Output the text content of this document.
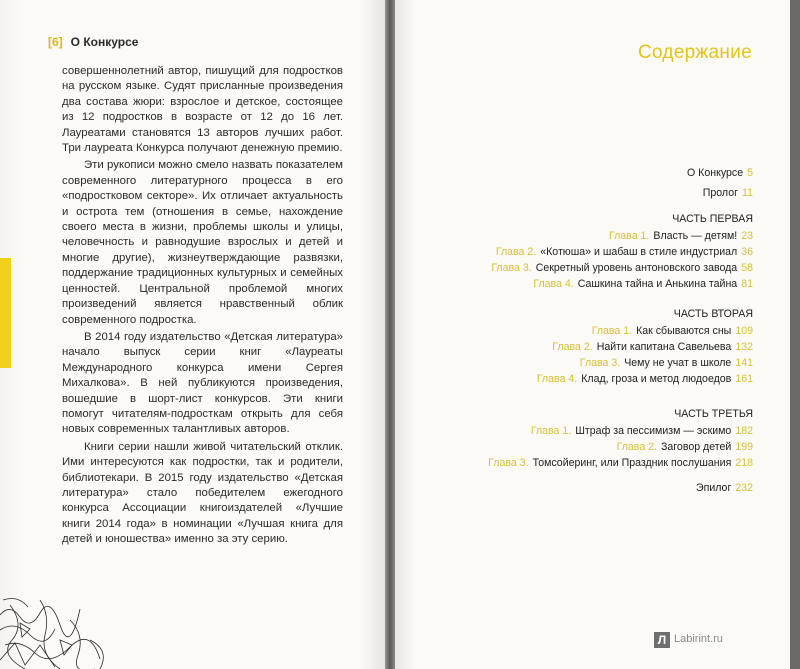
[6] О Конкурсе

совершеннолетний автор, пишущий для подростков на русском языке. Судят присланные произведения два состава жюри: взрослое и детское, состоящее из 12 подростков в возрасте от 12 до 16 лет. Лауреатами становятся 13 авторов лучших работ. Три лауреата Конкурса получают денежную премию.

Эти рукописи можно смело назвать показателем современного литературного процесса в его «подростковом секторе». Их отличает актуальность и острота тем (отношения в семье, нахождение своего места в жизни, проблемы школы и улицы, человечность и равнодушие взрослых и детей и многие другие), жизнеутверждающие развязки, поддержание традиционных культурных и семейных ценностей. Центральной проблемой многих произведений является нравственный облик современного подростка.

В 2014 году издательство «Детская литература» начало выпуск серии книг «Лауреаты Международного конкурса имени Сергея Михалкова». В ней публикуются произведения, вошедшие в шорт-лист конкурсов. Эти книги помогут читателям-подросткам открыть для себя новых современных талантливых авторов.

Книги серии нашли живой читательский отклик. Ими интересуются как подростки, так и родители, библиотекари. В 2015 году издательство «Детская литература» стало победителем ежегодного конкурса Ассоциации книгоиздателей «Лучшие книги 2014 года» в номинации «Лучшая книга для детей и юношества» именно за эту серию.

Содержание
О Конкурсе 5
Пролог 11
ЧАСТЬ ПЕРВАЯ
Глава 1. Власть — детям! 23
Глава 2. «Котюша» и шабаш в стиле индустриал 36
Глава 3. Секретный уровень антоновского завода 58
Глава 4. Сашкина тайна и Анькина тайна 81
ЧАСТЬ ВТОРАЯ
Глава 1. Как сбываются сны 109
Глава 2. Найти капитана Савельева 132
Глава 3. Чему не учат в школе 141
Глава 4. Клад, гроза и метод людоедов 161
ЧАСТЬ ТРЕТЬЯ
Глава 1. Штраф за пессимизм — эскимо 182
Глава 2. Заговор детей 199
Глава 3. Томсойеринг, или Праздник послушания 218
Эпилог 232
Л Labirint.ru
